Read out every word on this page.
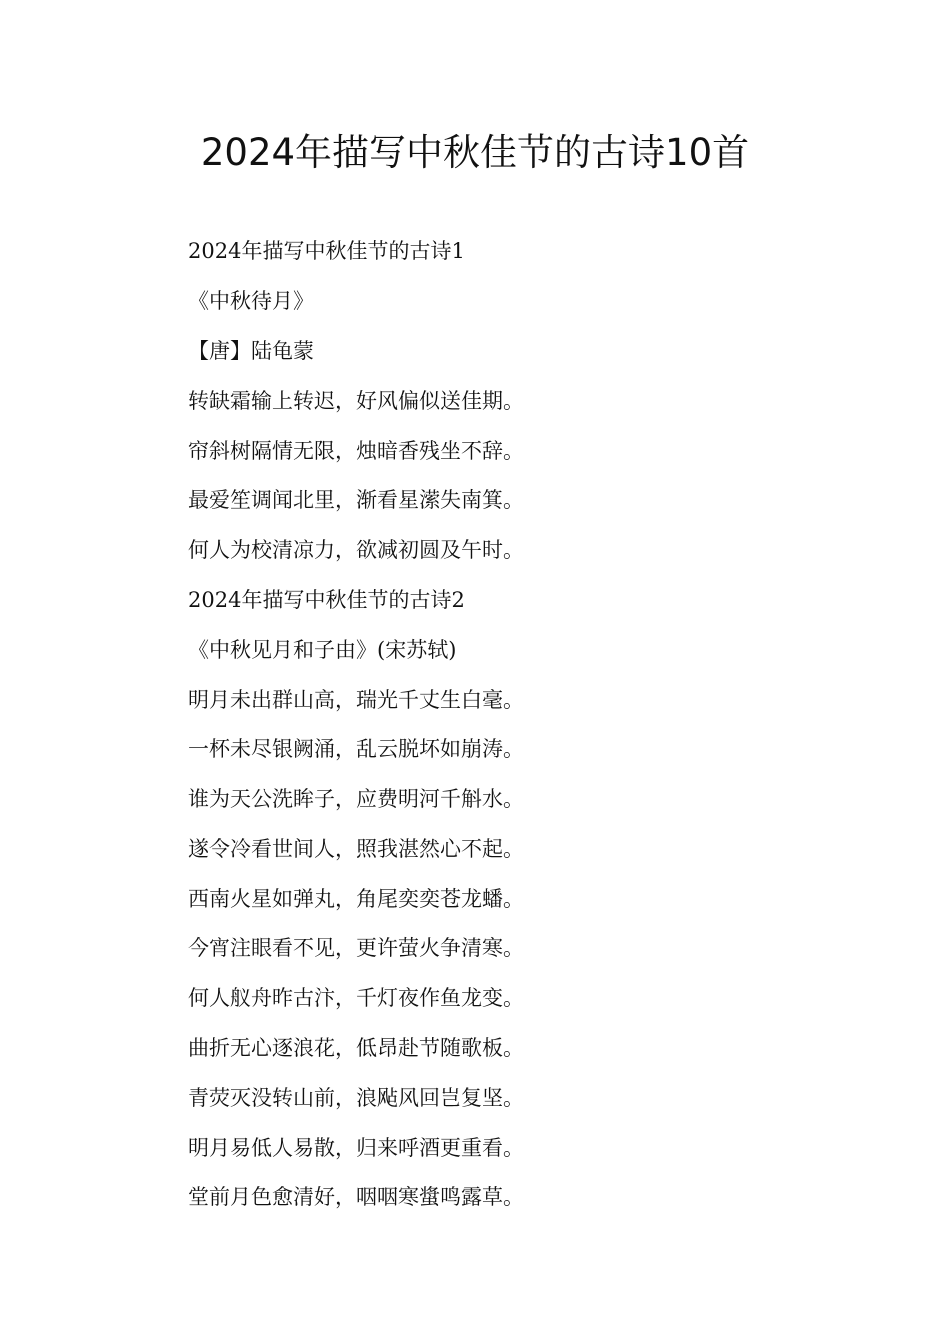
2024年描写中秋佳节的古诗10首

2024年描写中秋佳节的古诗1

《中秋待月》

【唐】陆龟蒙

转缺霜输上转迟，好风偏似送佳期。

帘斜树隔情无限，烛暗香残坐不辞。

最爱笙调闻北里，渐看星潆失南箕。

何人为校清凉力，欲减初圆及午时。

2024年描写中秋佳节的古诗2

《中秋见月和子由》(宋苏轼)

明月未出群山高，瑞光千丈生白毫。

一杯未尽银阙涌，乱云脱坏如崩涛。

谁为天公洗眸子，应费明河千斛水。

遂令冷看世间人，照我湛然心不起。

西南火星如弹丸，角尾奕奕苍龙蟠。

今宵注眼看不见，更许萤火争清寒。

何人舣舟昨古汴，千灯夜作鱼龙变。

曲折无心逐浪花，低昂赴节随歌板。

青荧灭没转山前，浪飐风回岂复坚。

明月易低人易散，归来呼酒更重看。

堂前月色愈清好，咽咽寒螀鸣露草。
